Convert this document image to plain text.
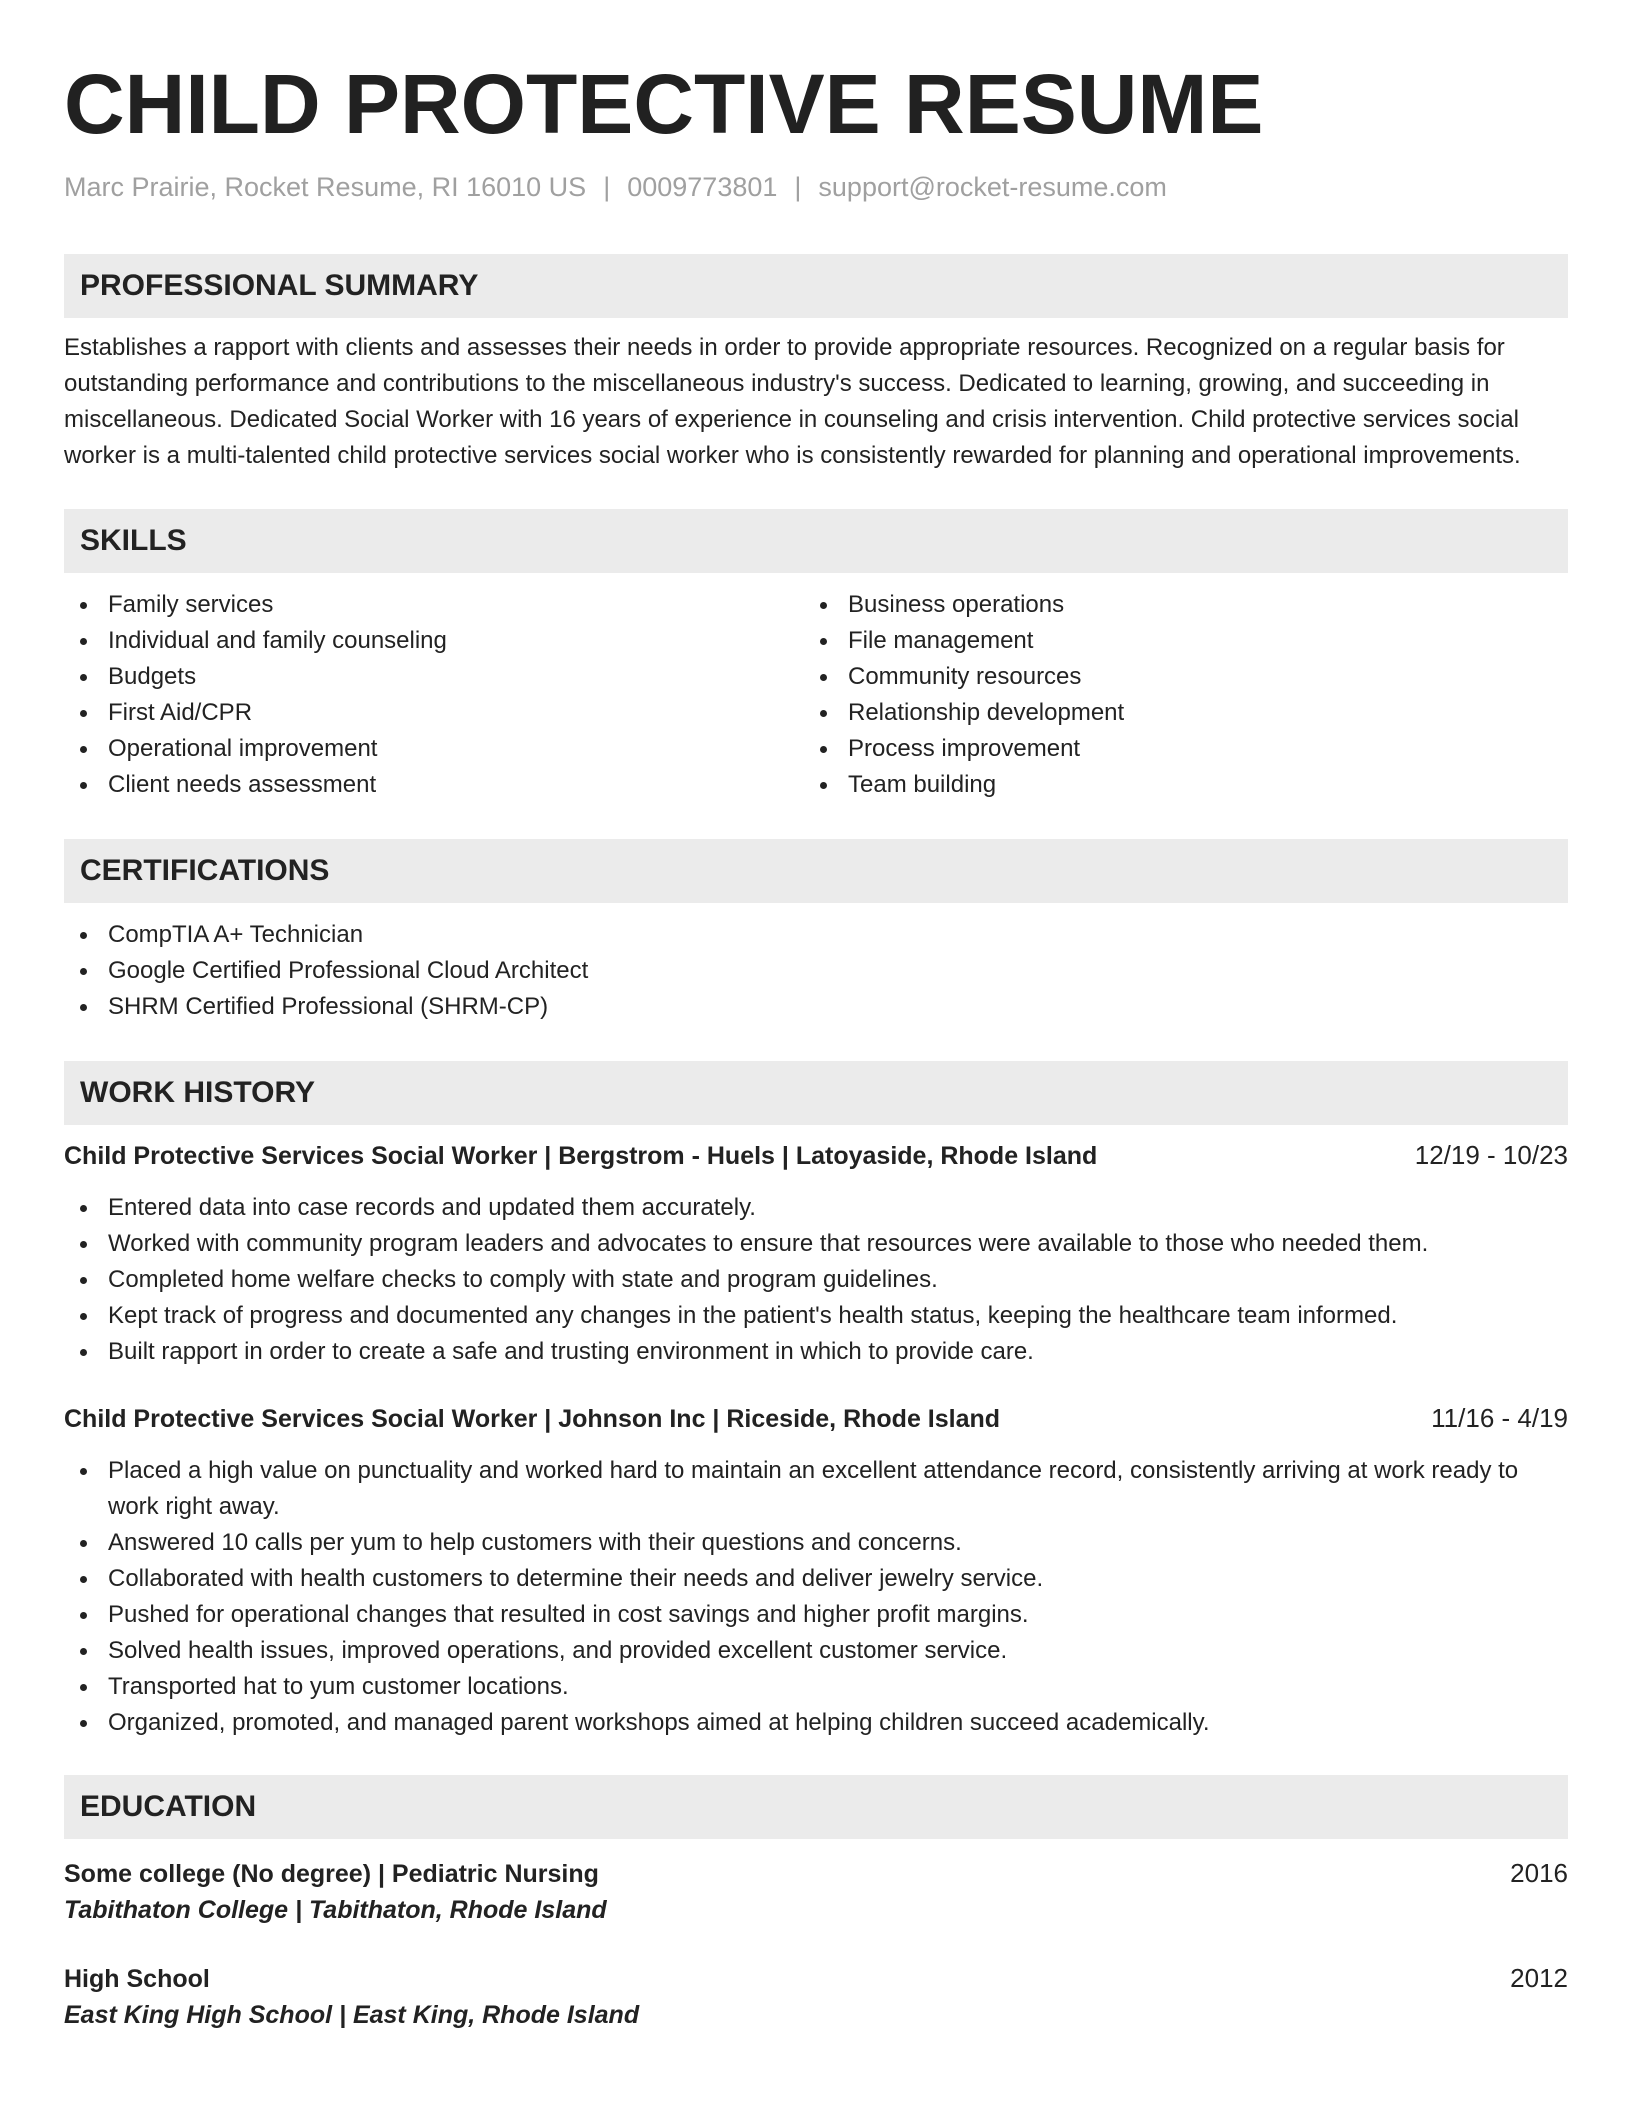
CHILD PROTECTIVE RESUME
Marc Prairie, Rocket Resume, RI 16010 US | 0009773801 | support@rocket-resume.com
PROFESSIONAL SUMMARY

Establishes a rapport with clients and assesses their needs in order to provide appropriate resources. Recognized on a regular basis for outstanding performance and contributions to the miscellaneous industry's success. Dedicated to learning, growing, and succeeding in miscellaneous. Dedicated Social Worker with 16 years of experience in counseling and crisis intervention. Child protective services social worker is a multi-talented child protective services social worker who is consistently rewarded for planning and operational improvements.

SKILLS
Family services
Individual and family counseling
Budgets
First Aid/CPR
Operational improvement
Client needs assessment
Business operations
File management
Community resources
Relationship development
Process improvement
Team building
CERTIFICATIONS
CompTIA A+ Technician
Google Certified Professional Cloud Architect
SHRM Certified Professional (SHRM-CP)
WORK HISTORY
Child Protective Services Social Worker | Bergstrom - Huels | Latoyaside, Rhode Island	12/19 - 10/23
Entered data into case records and updated them accurately.
Worked with community program leaders and advocates to ensure that resources were available to those who needed them.
Completed home welfare checks to comply with state and program guidelines.
Kept track of progress and documented any changes in the patient's health status, keeping the healthcare team informed.
Built rapport in order to create a safe and trusting environment in which to provide care.
Child Protective Services Social Worker | Johnson Inc | Riceside, Rhode Island	11/16 - 4/19
Placed a high value on punctuality and worked hard to maintain an excellent attendance record, consistently arriving at work ready to work right away.
Answered 10 calls per yum to help customers with their questions and concerns.
Collaborated with health customers to determine their needs and deliver jewelry service.
Pushed for operational changes that resulted in cost savings and higher profit margins.
Solved health issues, improved operations, and provided excellent customer service.
Transported hat to yum customer locations.
Organized, promoted, and managed parent workshops aimed at helping children succeed academically.
EDUCATION
Some college (No degree) | Pediatric Nursing	2016
Tabithaton College | Tabithaton, Rhode Island
High School	2012
East King High School | East King, Rhode Island
